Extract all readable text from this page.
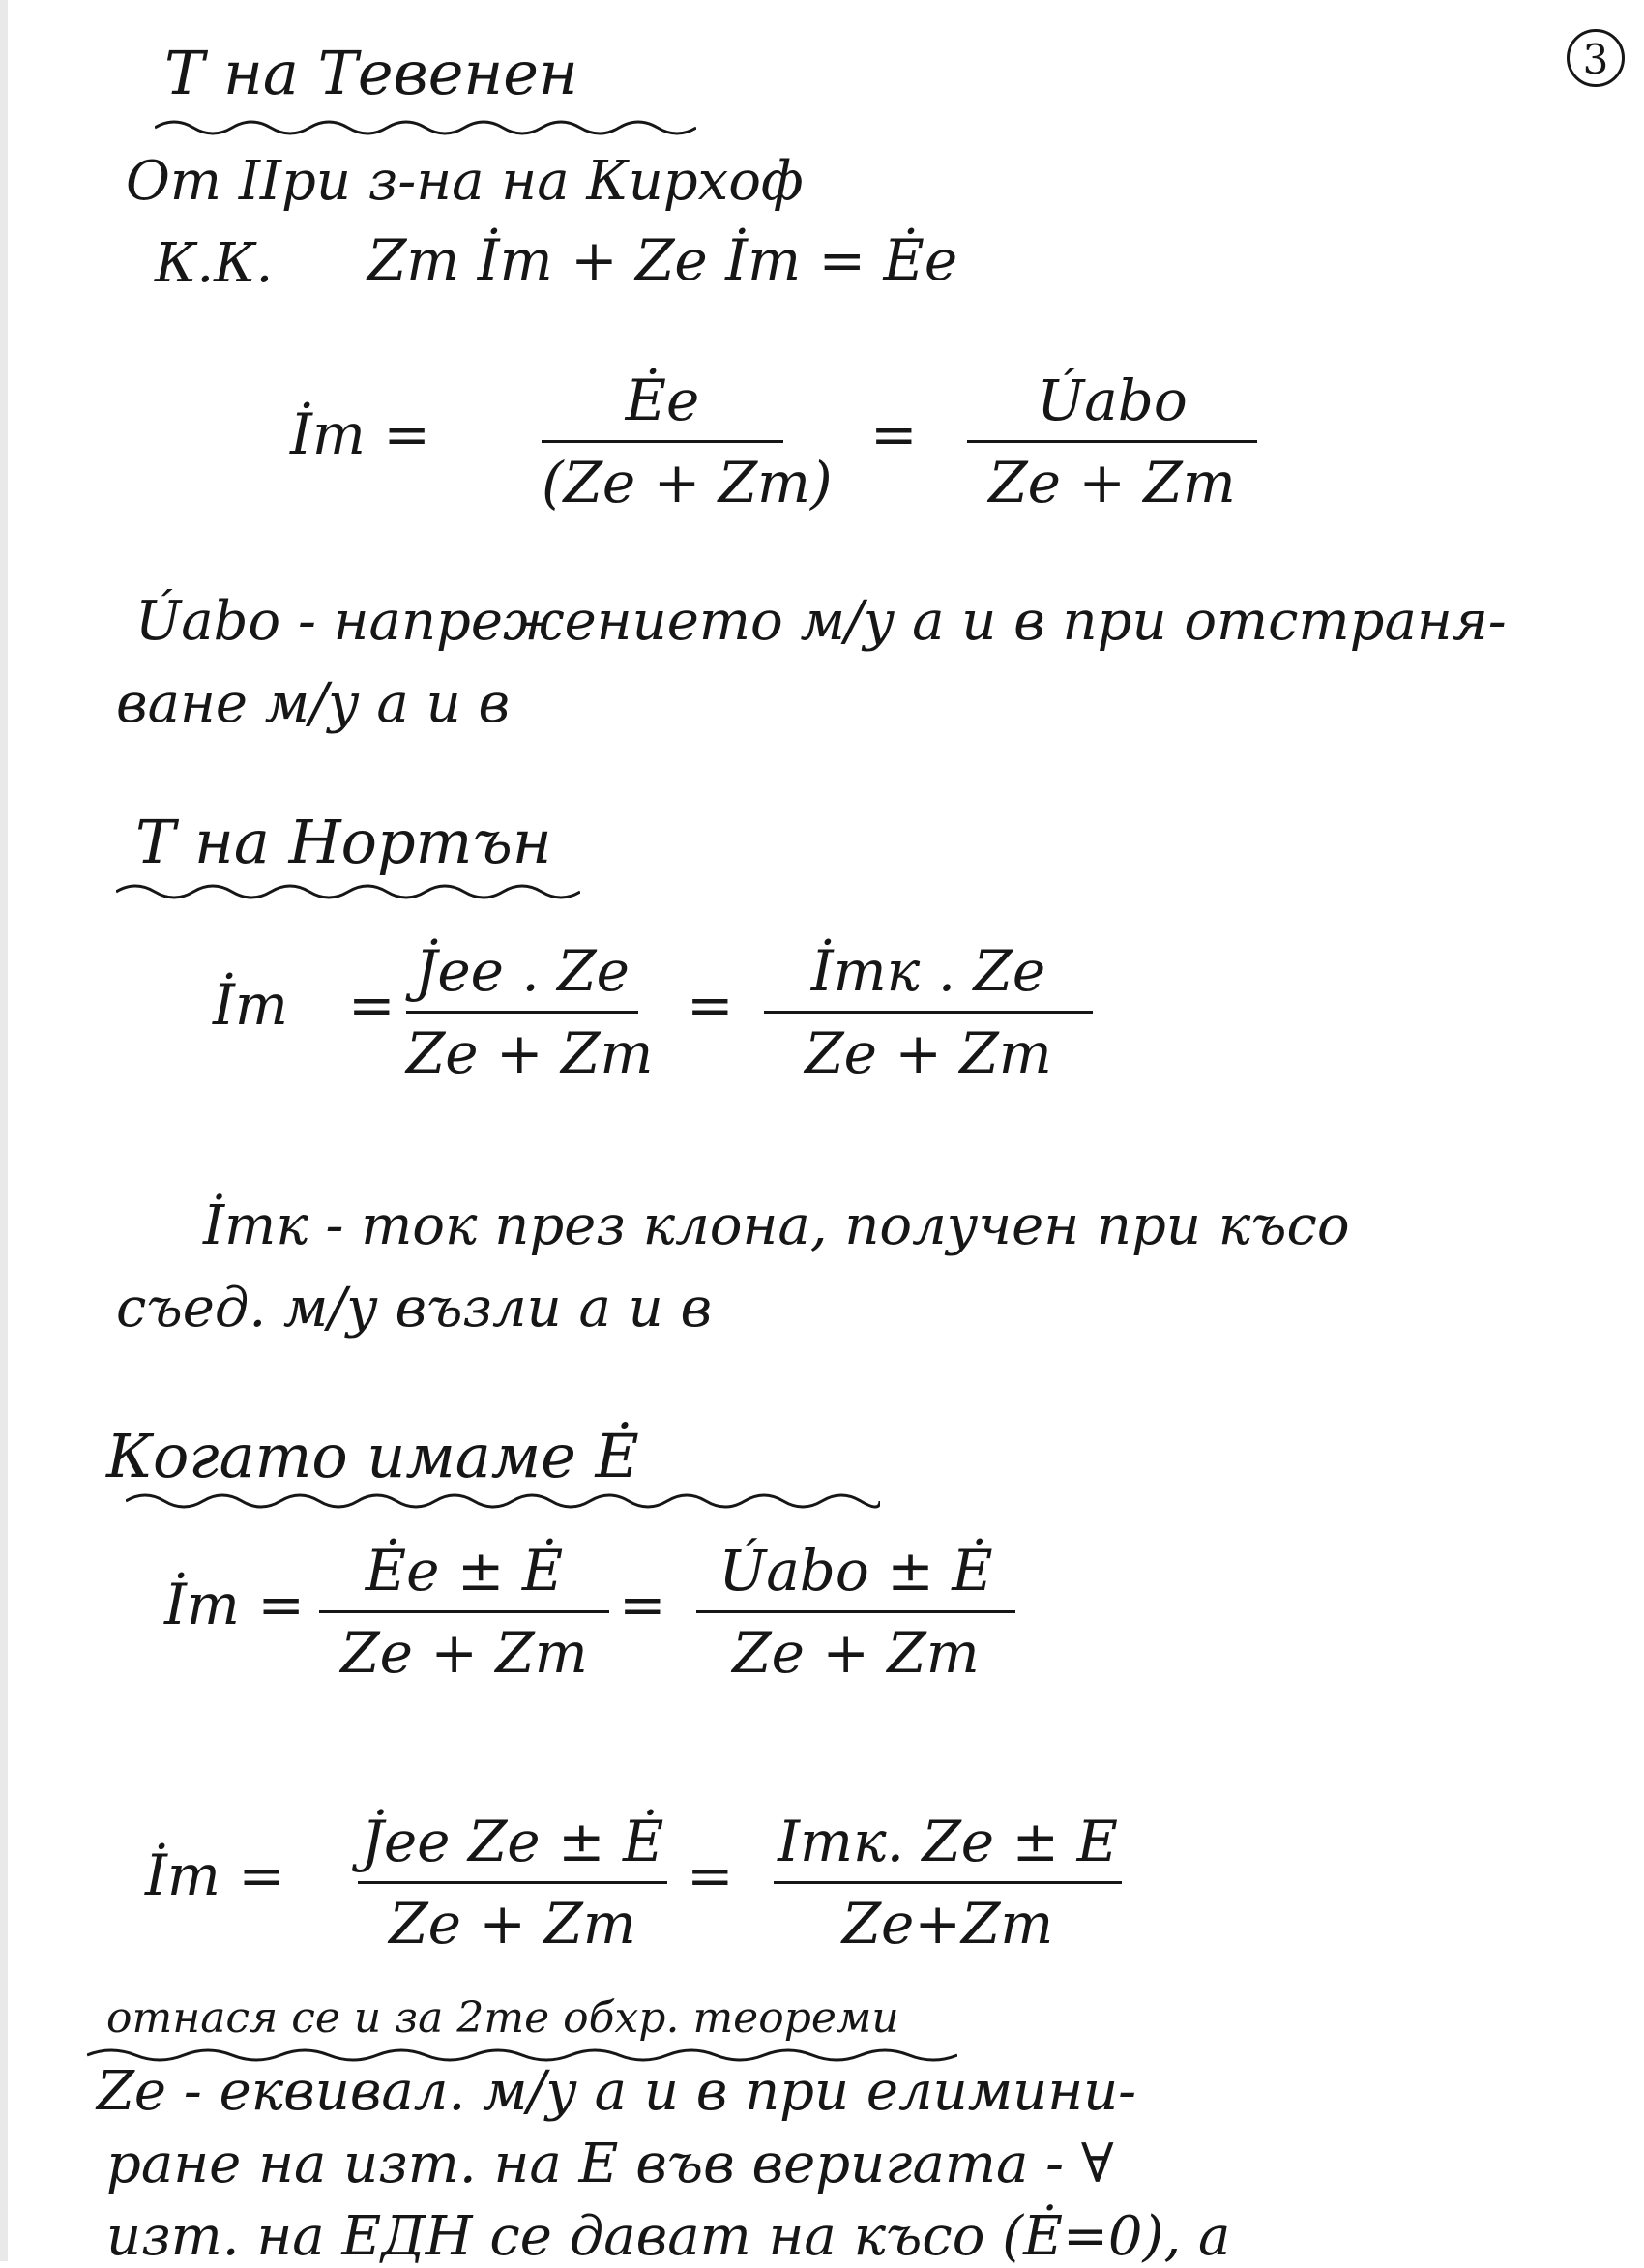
3
Т на Тевенен
От IIри з-на на Кирхоф
К.К. Zт İт + Ze İт = Ėe
İт =
Ėe
(Ze + Zт)
=
Úabo
Ze + Zт
Úabo - напрежението м/у а и в при отстраня-
ване м/у а и в
Т на Нортън
İт =
J̇ee . Ze
Ze + Zт
=
İтк . Ze
Ze + Zт
İтк - ток през клона, получен при късо
съед. м/у възли а и в
Когато имаме Ė
İт =
Ėe ± Ė
Ze + Zт
=
Úabo ± Ė
Ze + Zт
İт =
J̇ee Ze ± Ė
Ze + Zт
=
Iтк. Ze ± E
Ze+Zт
отнася се и за 2те обхр. теореми
Ze - еквивал. м/у а и в при елимини-
ране на изт. на Е във веригата - ∀
изт. на ЕДН се дават на късо (Ė=0), а
